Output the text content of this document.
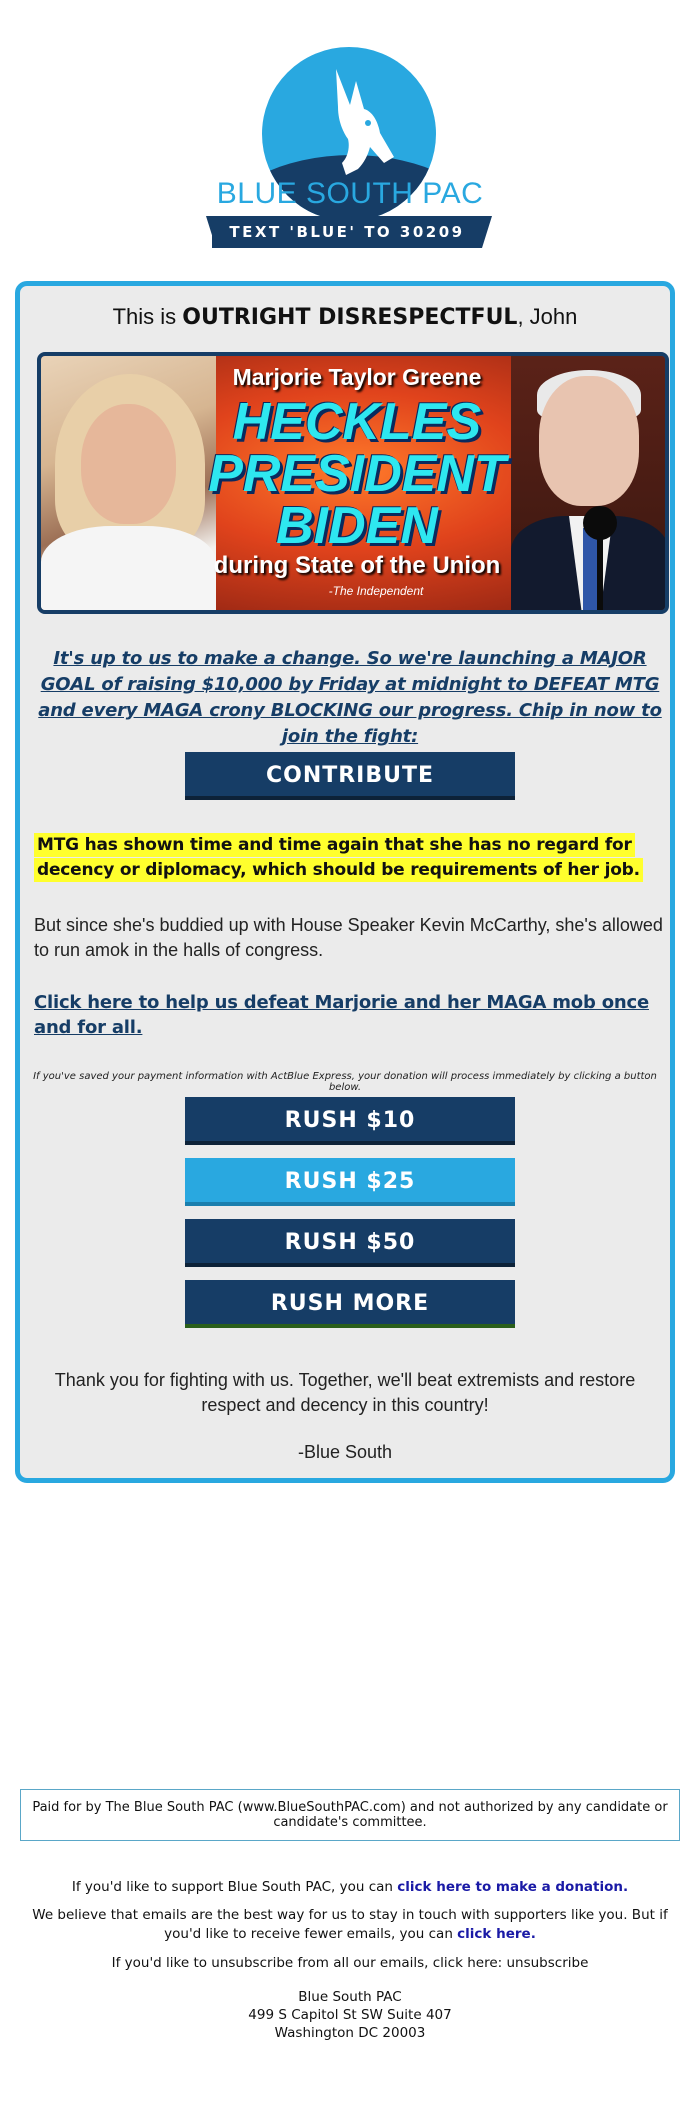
BLUE SOUTH PAC
TEXT 'BLUE' TO 30209
This is OUTRIGHT DISRESPECTFUL, John
Marjorie Taylor Greene
HECKLES
PRESIDENT
BIDEN
during State of the Union
-The Independent
It's up to us to make a change. So we're launching a MAJOR GOAL of raising $10,000 by Friday at midnight to DEFEAT MTG and every MAGA crony BLOCKING our progress. Chip in now to join the fight:
CONTRIBUTE
MTG has shown time and time again that she has no regard for decency or diplomacy, which should be requirements of her job.
But since she's buddied up with House Speaker Kevin McCarthy, she's allowed to run amok in the halls of congress.
Click here to help us defeat Marjorie and her MAGA mob once and for all.
If you've saved your payment information with ActBlue Express, your donation will process immediately by clicking a button below.
RUSH $10
RUSH $25
RUSH $50
RUSH MORE
Thank you for fighting with us. Together, we'll beat extremists and restore respect and decency in this country!
-Blue South
Paid for by The Blue South PAC (www.BlueSouthPAC.com) and not authorized by any candidate or candidate's committee.
If you'd like to support Blue South PAC, you can click here to make a donation.
We believe that emails are the best way for us to stay in touch with supporters like you. But if you'd like to receive fewer emails, you can click here.
If you'd like to unsubscribe from all our emails, click here: unsubscribe
Blue South PAC
499 S Capitol St SW Suite 407
Washington DC 20003
